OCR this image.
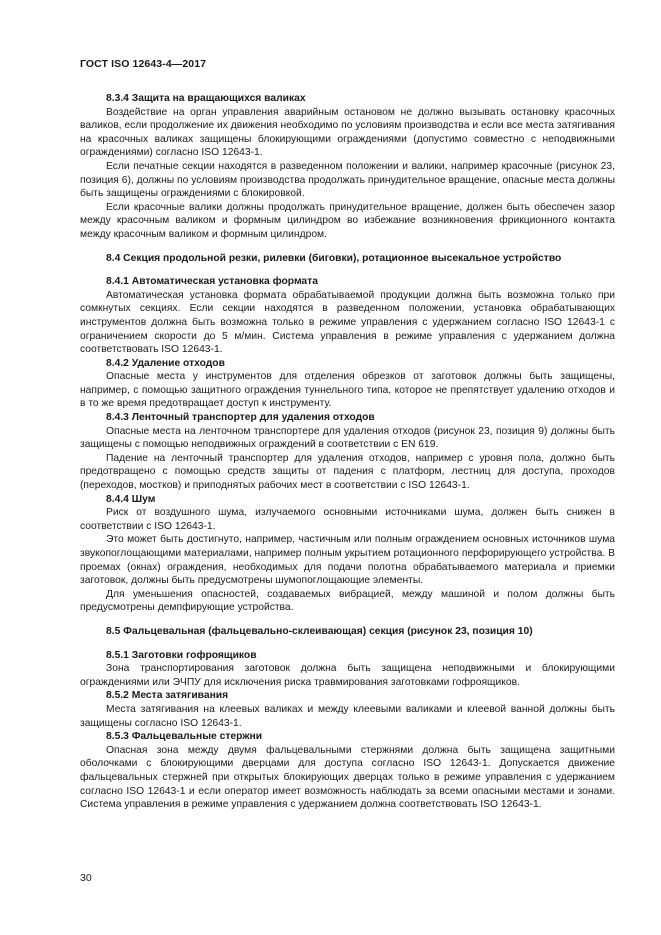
ГОСТ ISO 12643-4—2017
8.3.4 Защита на вращающихся валиках
Воздействие на орган управления аварийным остановом не должно вызывать остановку красочных валиков, если продолжение их движения необходимо по условиям производства и если все места затягивания на красочных валиках защищены блокирующими ограждениями (допустимо совместно с неподвижными ограждениями) согласно ISO 12643-1.
Если печатные секции находятся в разведенном положении и валики, например красочные (рисунок 23, позиция 6), должны по условиям производства продолжать принудительное вращение, опасные места должны быть защищены ограждениями с блокировкой.
Если красочные валики должны продолжать принудительное вращение, должен быть обеспечен зазор между красочным валиком и формным цилиндром во избежание возникновения фрикционного контакта между красочным валиком и формным цилиндром.
8.4 Секция продольной резки, рилевки (биговки), ротационное высекальное устройство
8.4.1 Автоматическая установка формата
Автоматическая установка формата обрабатываемой продукции должна быть возможна только при сомкнутых секциях. Если секции находятся в разведенном положении, установка обрабатывающих инструментов должна быть возможна только в режиме управления с удержанием согласно ISO 12643-1 с ограничением скорости до 5 м/мин. Система управления в режиме управления с удержанием должна соответствовать ISO 12643-1.
8.4.2 Удаление отходов
Опасные места у инструментов для отделения обрезков от заготовок должны быть защищены, например, с помощью защитного ограждения туннельного типа, которое не препятствует удалению отходов и в то же время предотвращает доступ к инструменту.
8.4.3 Ленточный транспортер для удаления отходов
Опасные места на ленточном транспортере для удаления отходов (рисунок 23, позиция 9) должны быть защищены с помощью неподвижных ограждений в соответствии с EN 619.
Падение на ленточный транспортер для удаления отходов, например с уровня пола, должно быть предотвращено с помощью средств защиты от падения с платформ, лестниц для доступа, проходов (переходов, мостков) и приподнятых рабочих мест в соответствии с ISO 12643-1.
8.4.4 Шум
Риск от воздушного шума, излучаемого основными источниками шума, должен быть снижен в соответствии с ISO 12643-1.
Это может быть достигнуто, например, частичным или полным ограждением основных источников шума звукопоглощающими материалами, например полным укрытием ротационного перфорирующего устройства. В проемах (окнах) ограждения, необходимых для подачи полотна обрабатываемого материала и приемки заготовок, должны быть предусмотрены шумопоглощающие элементы.
Для уменьшения опасностей, создаваемых вибрацией, между машиной и полом должны быть предусмотрены демпфирующие устройства.
8.5 Фальцевальная (фальцевально-склеивающая) секция (рисунок 23, позиция 10)
8.5.1 Заготовки гофроящиков
Зона транспортирования заготовок должна быть защищена неподвижными и блокирующими ограждениями или ЭЧПУ для исключения риска травмирования заготовками гофроящиков.
8.5.2 Места затягивания
Места затягивания на клеевых валиках и между клеевыми валиками и клеевой ванной должны быть защищены согласно ISO 12643-1.
8.5.3 Фальцевальные стержни
Опасная зона между двумя фальцевальными стержнями должна быть защищена защитными оболочками с блокирующими дверцами для доступа согласно ISO 12643-1. Допускается движение фальцевальных стержней при открытых блокирующих дверцах только в режиме управления с удержанием согласно ISO 12643-1 и если оператор имеет возможность наблюдать за всеми опасными местами и зонами. Система управления в режиме управления с удержанием должна соответствовать ISO 12643-1.
30
